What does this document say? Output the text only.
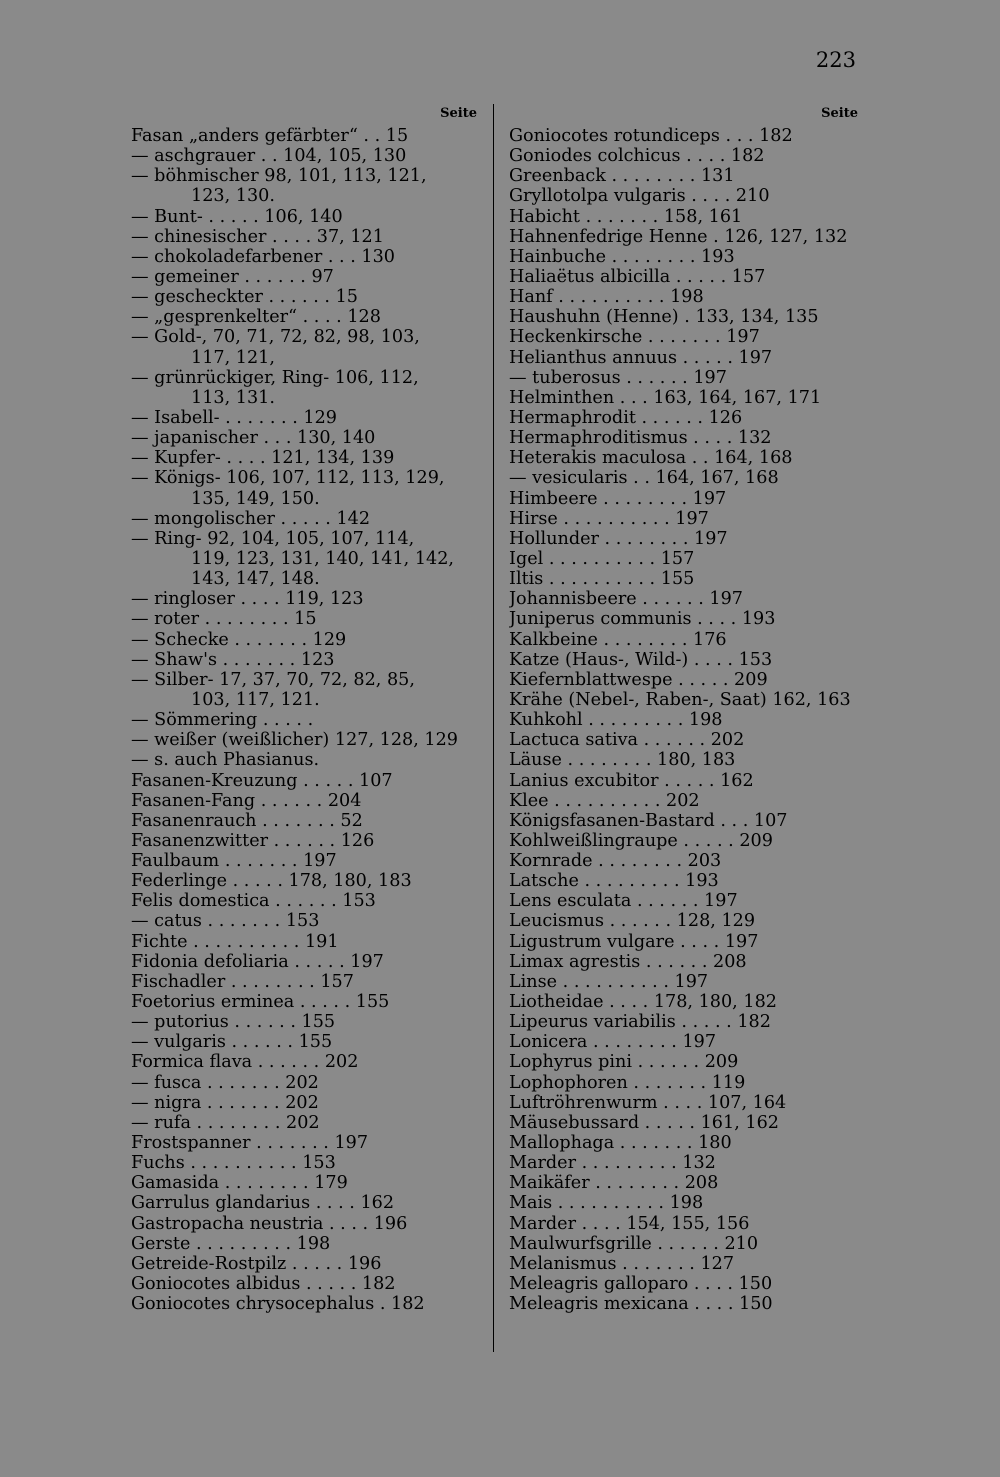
223
Seite
Fasan „anders gefärbter“ . . 15
— aschgrauer . . 104, 105, 130
— böhmischer 98, 101, 113, 121,
123, 130.
— Bunt- . . . . . 106, 140
— chinesischer . . . . 37, 121
— chokoladefarbener . . . 130
— gemeiner . . . . . . 97
— gescheckter . . . . . . 15
— „gesprenkelter“ . . . . 128
— Gold-, 70, 71, 72, 82, 98, 103,
117, 121,
— grünrückiger, Ring- 106, 112,
113, 131.
— Isabell- . . . . . . . 129
— japanischer . . . 130, 140
— Kupfer- . . . . 121, 134, 139
— Königs- 106, 107, 112, 113, 129,
135, 149, 150.
— mongolischer . . . . . 142
— Ring- 92, 104, 105, 107, 114,
119, 123, 131, 140, 141, 142,
143, 147, 148.
— ringloser . . . . 119, 123
— roter . . . . . . . . 15
— Schecke . . . . . . . 129
— Shaw's . . . . . . . 123
— Silber- 17, 37, 70, 72, 82, 85,
103, 117, 121.
— Sömmering . . . . .
— weißer (weißlicher) 127, 128, 129
— s. auch Phasianus.
Fasanen-Kreuzung . . . . . 107
Fasanen-Fang . . . . . . 204
Fasanenrauch . . . . . . . 52
Fasanenzwitter . . . . . . 126
Faulbaum . . . . . . . 197
Federlinge . . . . . 178, 180, 183
Felis domestica . . . . . . 153
— catus . . . . . . . 153
Fichte . . . . . . . . . . 191
Fidonia defoliaria . . . . . 197
Fischadler . . . . . . . . 157
Foetorius erminea . . . . . 155
— putorius . . . . . . 155
— vulgaris . . . . . . 155
Formica flava . . . . . . 202
— fusca . . . . . . . 202
— nigra . . . . . . . 202
— rufa . . . . . . . . 202
Frostspanner . . . . . . . 197
Fuchs . . . . . . . . . . 153
Gamasida . . . . . . . . 179
Garrulus glandarius . . . . 162
Gastropacha neustria . . . . 196
Gerste . . . . . . . . . 198
Getreide-Rostpilz . . . . . 196
Goniocotes albidus . . . . . 182
Goniocotes chrysocephalus . 182
Seite
Goniocotes rotundiceps . . . 182
Goniodes colchicus . . . . 182
Greenback . . . . . . . . 131
Gryllotolpa vulgaris . . . . 210
Habicht . . . . . . . 158, 161
Hahnenfedrige Henne . 126, 127, 132
Hainbuche . . . . . . . . 193
Haliaëtus albicilla . . . . . 157
Hanf . . . . . . . . . . 198
Haushuhn (Henne) . 133, 134, 135
Heckenkirsche . . . . . . . 197
Helianthus annuus . . . . . 197
— tuberosus . . . . . . 197
Helminthen . . . 163, 164, 167, 171
Hermaphrodit . . . . . . 126
Hermaphroditismus . . . . 132
Heterakis maculosa . . 164, 168
— vesicularis . . 164, 167, 168
Himbeere . . . . . . . . 197
Hirse . . . . . . . . . . 197
Hollunder . . . . . . . . 197
Igel . . . . . . . . . . 157
Iltis . . . . . . . . . . 155
Johannisbeere . . . . . . 197
Juniperus communis . . . . 193
Kalkbeine . . . . . . . . 176
Katze (Haus-, Wild-) . . . . 153
Kiefernblattwespe . . . . . 209
Krähe (Nebel-, Raben-, Saat) 162, 163
Kuhkohl . . . . . . . . . 198
Lactuca sativa . . . . . . 202
Läuse . . . . . . . . 180, 183
Lanius excubitor . . . . . 162
Klee . . . . . . . . . . 202
Königsfasanen-Bastard . . . 107
Kohlweißlingraupe . . . . . 209
Kornrade . . . . . . . . 203
Latsche . . . . . . . . . 193
Lens esculata . . . . . . 197
Leucismus . . . . . . 128, 129
Ligustrum vulgare . . . . 197
Limax agrestis . . . . . . 208
Linse . . . . . . . . . . 197
Liotheidae . . . . 178, 180, 182
Lipeurus variabilis . . . . . 182
Lonicera . . . . . . . . 197
Lophyrus pini . . . . . . 209
Lophophoren . . . . . . . 119
Luftröhrenwurm . . . . 107, 164
Mäusebussard . . . . . 161, 162
Mallophaga . . . . . . . 180
Marder . . . . . . . . . 132
Maikäfer . . . . . . . . 208
Mais . . . . . . . . . . 198
Marder . . . . 154, 155, 156
Maulwurfsgrille . . . . . . 210
Melanismus . . . . . . . 127
Meleagris galloparo . . . . 150
Meleagris mexicana . . . . 150
